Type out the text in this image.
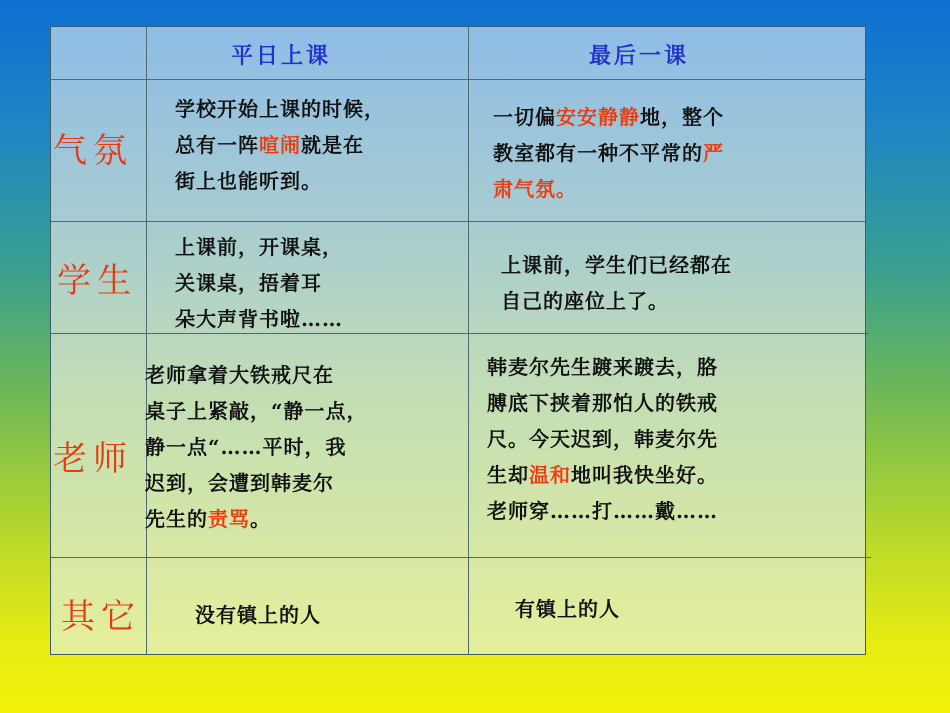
平日上课	最后一课
气氛
学生
老师
其它
学校开始上课的时候，
总有一阵喧闹就是在
街上也能听到。
一切偏安安静静地，整个
教室都有一种不平常的严
肃气氛。
上课前，开课桌，
关课桌，捂着耳
朵大声背书啦……
上课前，学生们已经都在
自己的座位上了。
老师拿着大铁戒尺在
桌子上紧敲，“静一点，
静一点“……平时，我
迟到，会遭到韩麦尔
先生的责骂。
韩麦尔先生踱来踱去，胳
膊底下挟着那怕人的铁戒
尺。今天迟到，韩麦尔先
生却温和地叫我快坐好。
老师穿……打……戴……
没有镇上的人	有镇上的人
